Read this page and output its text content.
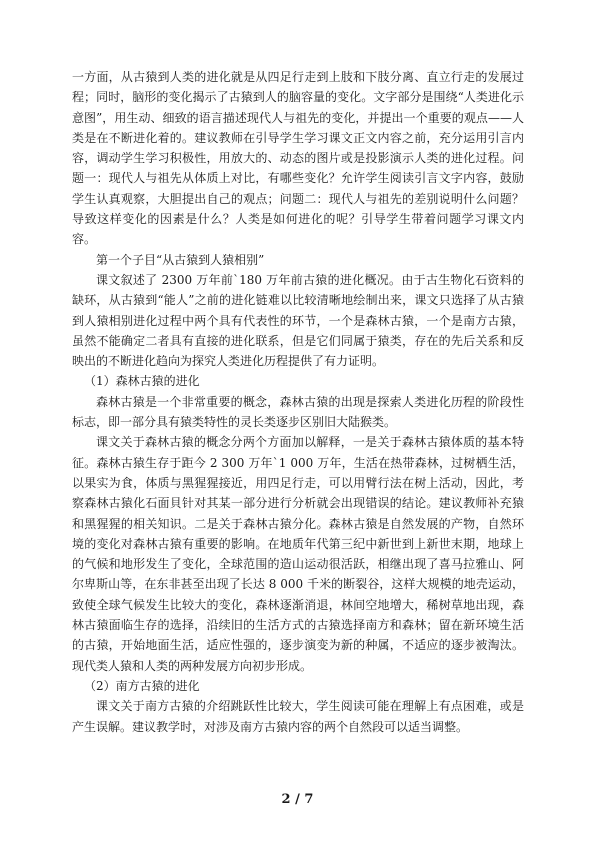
一方面，从古猿到人类的进化就是从四足行走到上肢和下肢分离、直立行走的发展过程；同时，脑形的变化揭示了古猿到人的脑容量的变化。文字部分是围绕“人类进化示意图”，用生动、细致的语言描述现代人与祖先的变化，并提出一个重要的观点——人类是在不断进化着的。建议教师在引导学生学习课文正文内容之前，充分运用引言内容，调动学生学习积极性，用放大的、动态的图片或是投影演示人类的进化过程。问题一：现代人与祖先从体质上对比，有哪些变化？允许学生阅读引言文字内容，鼓励学生认真观察，大胆提出自己的观点；问题二：现代人与祖先的差别说明什么问题？导致这样变化的因素是什么？人类是如何进化的呢？引导学生带着问题学习课文内容。

第一个子目“从古猿到人猿相别”

课文叙述了 2300 万年前`180 万年前古猿的进化概况。由于古生物化石资料的缺环，从古猿到“能人”之前的进化链难以比较清晰地绘制出来，课文只选择了从古猿到人猿相别进化过程中两个具有代表性的环节，一个是森林古猿，一个是南方古猿，虽然不能确定二者具有直接的进化联系，但是它们同属于猿类，存在的先后关系和反映出的不断进化趋向为探究人类进化历程提供了有力证明。

（1）森林古猿的进化

森林古猿是一个非常重要的概念，森林古猿的出现是探索人类进化历程的阶段性标志，即一部分具有猿类特性的灵长类逐步区别旧大陆猴类。

课文关于森林古猿的概念分两个方面加以解释，一是关于森林古猿体质的基本特征。森林古猿生存于距今 2 300 万年`1 000 万年，生活在热带森林，过树栖生活，以果实为食，体质与黑猩猩接近，用四足行走，可以用臂行法在树上活动，因此，考察森林古猿化石面貝针对其某一部分进行分析就会出现错误的结论。建议教师补充猿和黑猩猩的相关知识。二是关于森林古猿分化。森林古猿是自然发展的产物，自然环境的变化对森林古猿有重要的影响。在地质年代第三纪中新世到上新世末期，地球上的气候和地形发生了变化，全球范围的造山运动很活跃，相继出现了喜马拉雅山、阿尔卑斯山等，在东非甚至出现了长达 8 000 千米的断裂谷，这样大规模的地壳运动，致使全球气候发生比较大的变化，森林逐渐消退，林间空地增大，稀树草地出现，森林古猿面临生存的选择，沿续旧的生活方式的古猿选择南方和森林；留在新环境生活的古猿，开始地面生活，适应性强的，逐步演变为新的种属，不适应的逐步被淘汰。现代类人猿和人类的两种发展方向初步形成。

（2）南方古猿的进化

课文关于南方古猿的介绍跳跃性比较大，学生阅读可能在理解上有点困难，或是产生误解。建议教学时，对涉及南方古猿内容的两个自然段可以适当调整。

2 / 7
